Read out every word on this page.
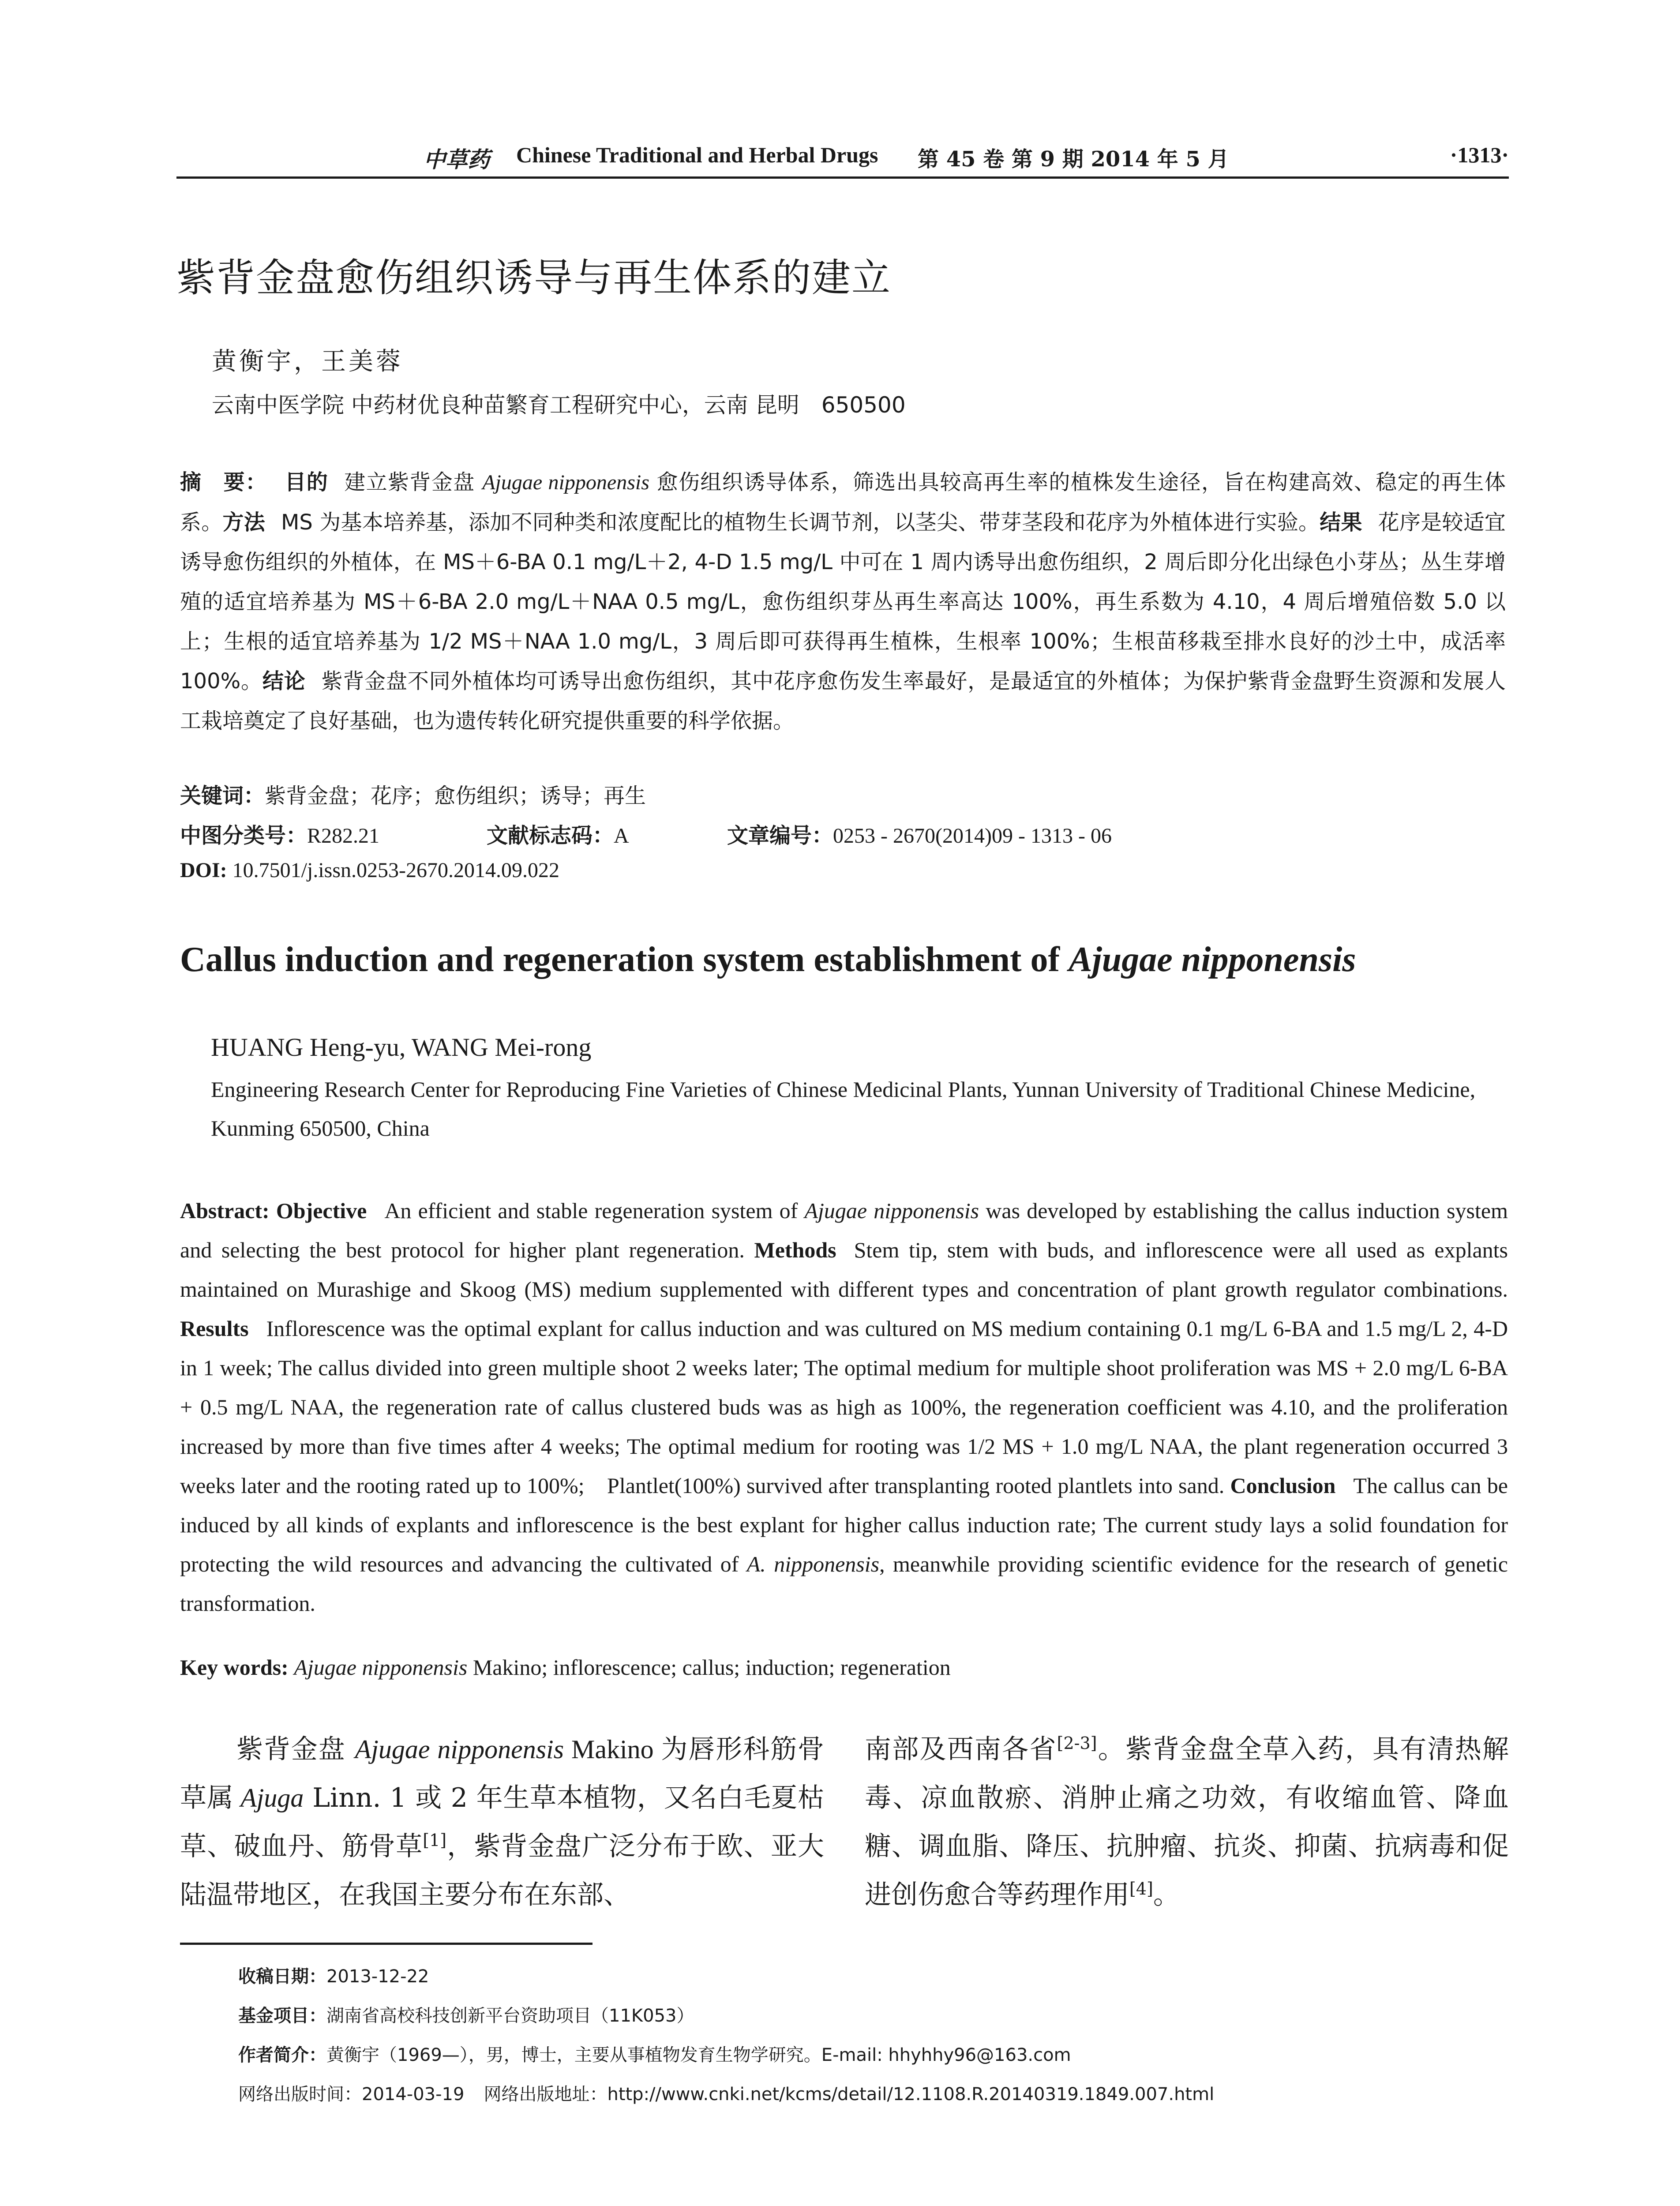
中草药 Chinese Traditional and Herbal Drugs 第 45 卷 第 9 期 2014 年 5 月	·1313·
紫背金盘愈伤组织诱导与再生体系的建立
黄衡宇，王美蓉
云南中医学院 中药材优良种苗繁育工程研究中心，云南 昆明　650500
摘　要： 目的 建立紫背金盘 Ajugae nipponensis 愈伤组织诱导体系，筛选出具较高再生率的植株发生途径，旨在构建高效、稳定的再生体系。方法 MS 为基本培养基，添加不同种类和浓度配比的植物生长调节剂，以茎尖、带芽茎段和花序为外植体进行实验。结果 花序是较适宜诱导愈伤组织的外植体，在 MS＋6-BA 0.1 mg/L＋2, 4-D 1.5 mg/L 中可在 1 周内诱导出愈伤组织，2 周后即分化出绿色小芽丛；丛生芽增殖的适宜培养基为 MS＋6-BA 2.0 mg/L＋NAA 0.5 mg/L，愈伤组织芽丛再生率高达 100%，再生系数为 4.10，4 周后增殖倍数 5.0 以上；生根的适宜培养基为 1/2 MS＋NAA 1.0 mg/L，3 周后即可获得再生植株，生根率 100%；生根苗移栽至排水良好的沙土中，成活率 100%。结论 紫背金盘不同外植体均可诱导出愈伤组织，其中花序愈伤发生率最好，是最适宜的外植体；为保护紫背金盘野生资源和发展人工栽培奠定了良好基础，也为遗传转化研究提供重要的科学依据。
关键词：紫背金盘；花序；愈伤组织；诱导；再生
中图分类号：R282.21	文献标志码：A	文章编号：0253 - 2670(2014)09 - 1313 - 06
DOI: 10.7501/j.issn.0253-2670.2014.09.022
Callus induction and regeneration system establishment of Ajugae nipponensis
HUANG Heng-yu, WANG Mei-rong
Engineering Research Center for Reproducing Fine Varieties of Chinese Medicinal Plants, Yunnan University of Traditional Chinese Medicine, Kunming 650500, China
Abstract: Objective An efficient and stable regeneration system of Ajugae nipponensis was developed by establishing the callus induction system and selecting the best protocol for higher plant regeneration. Methods Stem tip, stem with buds, and inflorescence were all used as explants maintained on Murashige and Skoog (MS) medium supplemented with different types and concentration of plant growth regulator combinations. Results Inflorescence was the optimal explant for callus induction and was cultured on MS medium containing 0.1 mg/L 6-BA and 1.5 mg/L 2, 4-D in 1 week; The callus divided into green multiple shoot 2 weeks later; The optimal medium for multiple shoot proliferation was MS + 2.0 mg/L 6-BA + 0.5 mg/L NAA, the regeneration rate of callus clustered buds was as high as 100%, the regeneration coefficient was 4.10, and the proliferation increased by more than five times after 4 weeks; The optimal medium for rooting was 1/2 MS + 1.0 mg/L NAA, the plant regeneration occurred 3 weeks later and the rooting rated up to 100%;　Plantlet(100%) survived after transplanting rooted plantlets into sand. Conclusion The callus can be induced by all kinds of explants and inflorescence is the best explant for higher callus induction rate; The current study lays a solid foundation for protecting the wild resources and advancing the cultivated of A. nipponensis, meanwhile providing scientific evidence for the research of genetic transformation.
Key words: Ajugae nipponensis Makino; inflorescence; callus; induction; regeneration
紫背金盘 Ajugae nipponensis Makino 为唇形科筋骨草属 Ajuga Linn. 1 或 2 年生草本植物，又名白毛夏枯草、破血丹、筋骨草[1]，紫背金盘广泛分布于欧、亚大陆温带地区，在我国主要分布在东部、
南部及西南各省[2-3]。紫背金盘全草入药，具有清热解毒、凉血散瘀、消肿止痛之功效，有收缩血管、降血糖、调血脂、降压、抗肿瘤、抗炎、抑菌、抗病毒和促进创伤愈合等药理作用[4]。
收稿日期：2013-12-22
基金项目：湖南省高校科技创新平台资助项目（11K053）
作者简介：黄衡宇（1969—），男，博士，主要从事植物发育生物学研究。E-mail: hhyhhy96@163.com
网络出版时间：2014-03-19 网络出版地址：http://www.cnki.net/kcms/detail/12.1108.R.20140319.1849.007.html
